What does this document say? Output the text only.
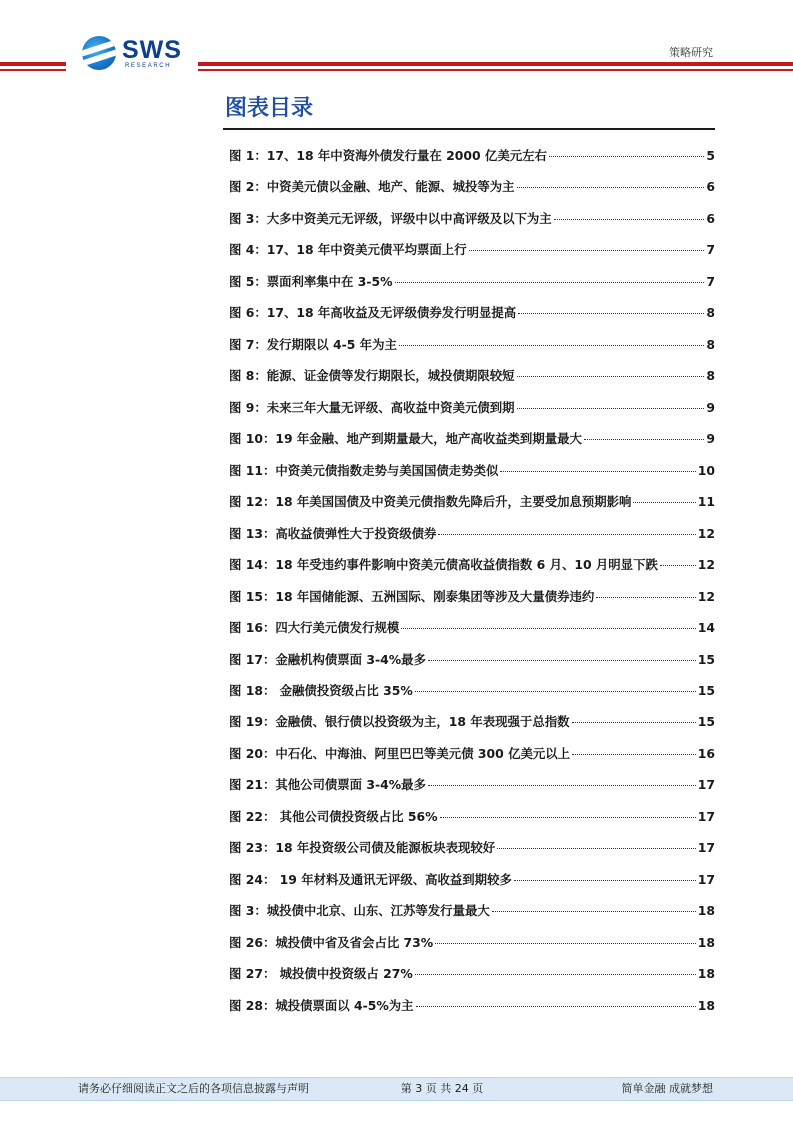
SWS
RESEARCH
策略研究
图表目录
图 1：17、18 年中资海外债发行量在 2000 亿美元左右	5
图 2：中资美元债以金融、地产、能源、城投等为主	6
图 3：大多中资美元无评级，评级中以中高评级及以下为主	6
图 4：17、18 年中资美元债平均票面上行	7
图 5：票面利率集中在 3-5%	7
图 6：17、18 年高收益及无评级债券发行明显提高	8
图 7：发行期限以 4-5 年为主	8
图 8：能源、证金债等发行期限长，城投债期限较短	8
图 9：未来三年大量无评级、高收益中资美元债到期	9
图 10：19 年金融、地产到期量最大，地产高收益类到期量最大	9
图 11：中资美元债指数走势与美国国债走势类似	10
图 12：18 年美国国债及中资美元债指数先降后升，主要受加息预期影响	11
图 13：高收益债弹性大于投资级债券	12
图 14：18 年受违约事件影响中资美元债高收益债指数 6 月、10 月明显下跌	12
图 15：18 年国储能源、五洲国际、刚泰集团等涉及大量债券违约	12
图 16：四大行美元债发行规模	14
图 17：金融机构债票面 3-4%最多	15
图 18： 金融债投资级占比 35%	15
图 19：金融债、银行债以投资级为主，18 年表现强于总指数	15
图 20：中石化、中海油、阿里巴巴等美元债 300 亿美元以上	16
图 21：其他公司债票面 3-4%最多	17
图 22： 其他公司债投资级占比 56%	17
图 23：18 年投资级公司债及能源板块表现较好	17
图 24： 19 年材料及通讯无评级、高收益到期较多	17
图 3：城投债中北京、山东、江苏等发行量最大	18
图 26：城投债中省及省会占比 73%	18
图 27： 城投债中投资级占 27%	18
图 28：城投债票面以 4-5%为主	18
请务必仔细阅读正文之后的各项信息披露与声明	第 3 页 共 24 页	简单金融 成就梦想
